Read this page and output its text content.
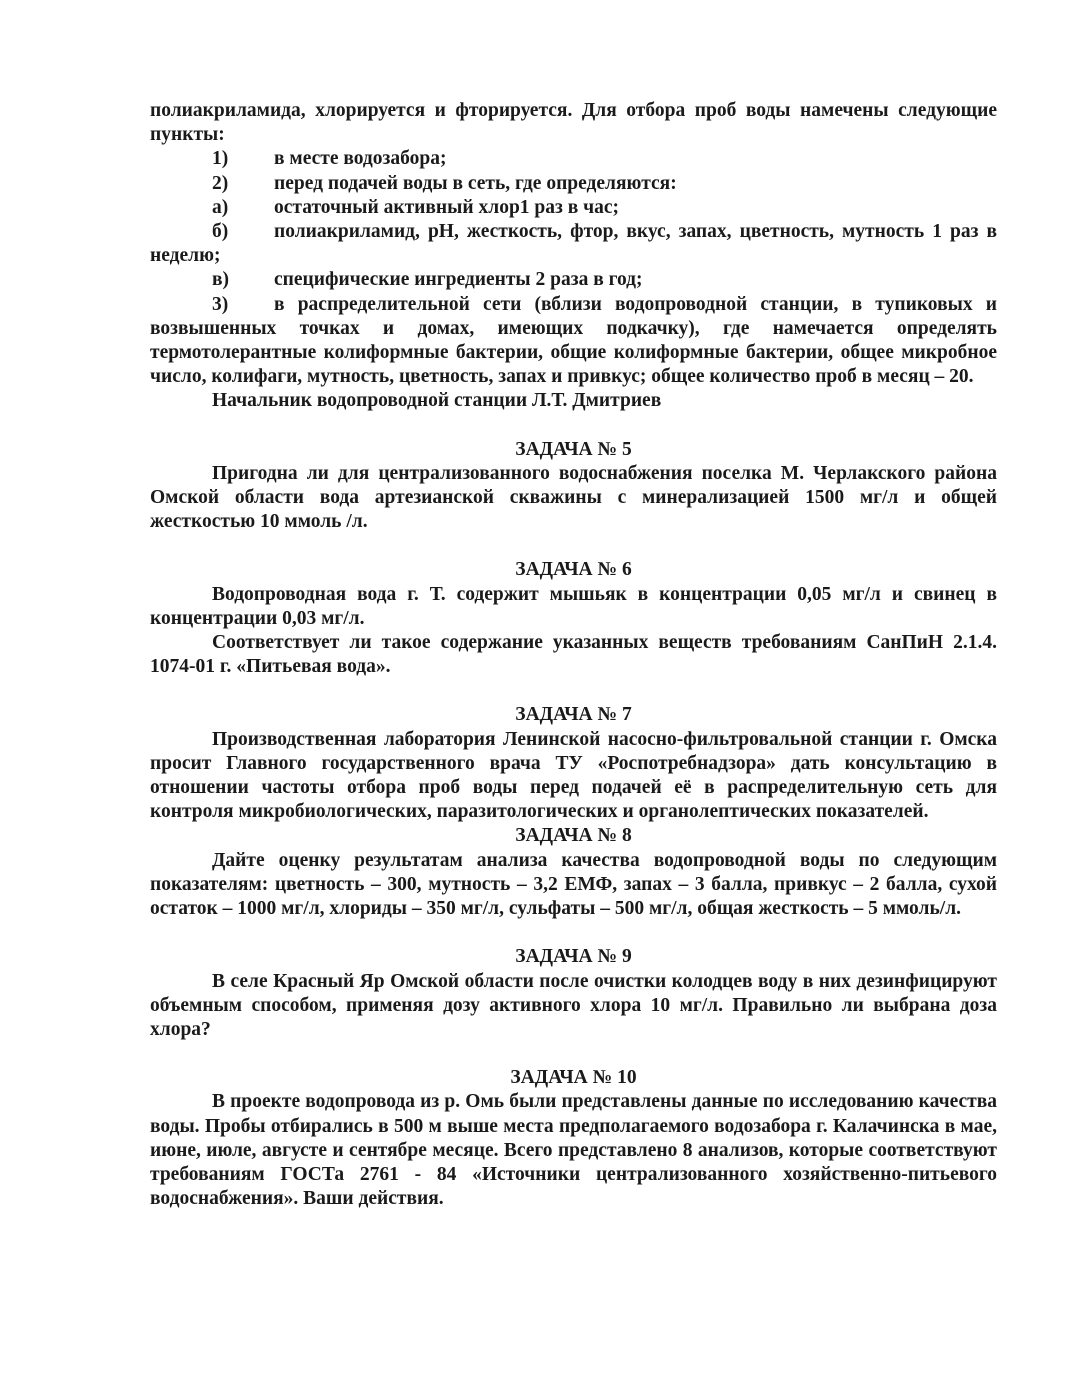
полиакриламида, хлорируется и фторируется. Для отбора проб воды намечены следующие пункты:

1)	в месте водозабора;
2)	перед подачей воды в сеть, где определяются:
а)	остаточный активный хлор1 раз в час;

б) полиакриламид, рН, жесткость, фтор, вкус, запах, цветность, мутность 1 раз в неделю;

в)	специфические ингредиенты 2 раза в год;

3) в распределительной сети (вблизи водопроводной станции, в тупиковых и возвышенных точках и домах, имеющих подкачку), где намечается определять термотолерантные колиформные бактерии, общие колиформные бактерии, общее микробное число, колифаги, мутность, цветность, запах и привкус; общее количество проб в месяц – 20.

Начальник водопроводной станции Л.Т. Дмитриев

ЗАДАЧА № 5

Пригодна ли для централизованного водоснабжения поселка М. Черлакского района Омской области вода артезианской скважины с минерализацией 1500 мг/л и общей жесткостью 10 ммоль /л.

ЗАДАЧА № 6

Водопроводная вода г. Т. содержит мышьяк в концентрации 0,05 мг/л и свинец в концентрации 0,03 мг/л.

Соответствует ли такое содержание указанных веществ требованиям СанПиН 2.1.4. 1074-01 г. «Питьевая вода».

ЗАДАЧА № 7

Производственная лаборатория Ленинской насосно-фильтровальной станции г. Омска просит Главного государственного врача ТУ «Роспотребнадзора» дать консультацию в отношении частоты отбора проб воды перед подачей её в распределительную сеть для контроля микробиологических, паразитологических и органолептических показателей.

ЗАДАЧА № 8

Дайте оценку результатам анализа качества водопроводной воды по следующим показателям: цветность – 300, мутность – 3,2 ЕМФ, запах – 3 балла, привкус – 2 балла, сухой остаток – 1000 мг/л, хлориды – 350 мг/л, сульфаты – 500 мг/л, общая жесткость – 5 ммоль/л.

ЗАДАЧА № 9

В селе Красный Яр Омской области после очистки колодцев воду в них дезинфицируют объемным способом, применяя дозу активного хлора 10 мг/л. Правильно ли выбрана доза хлора?

ЗАДАЧА № 10

В проекте водопровода из р. Омь были представлены данные по исследованию качества воды. Пробы отбирались в 500 м выше места предполагаемого водозабора г. Калачинска в мае, июне, июле, августе и сентябре месяце. Всего представлено 8 анализов, которые соответствуют требованиям ГОСТа 2761 - 84 «Источники централизованного хозяйственно-питьевого водоснабжения». Ваши действия.
